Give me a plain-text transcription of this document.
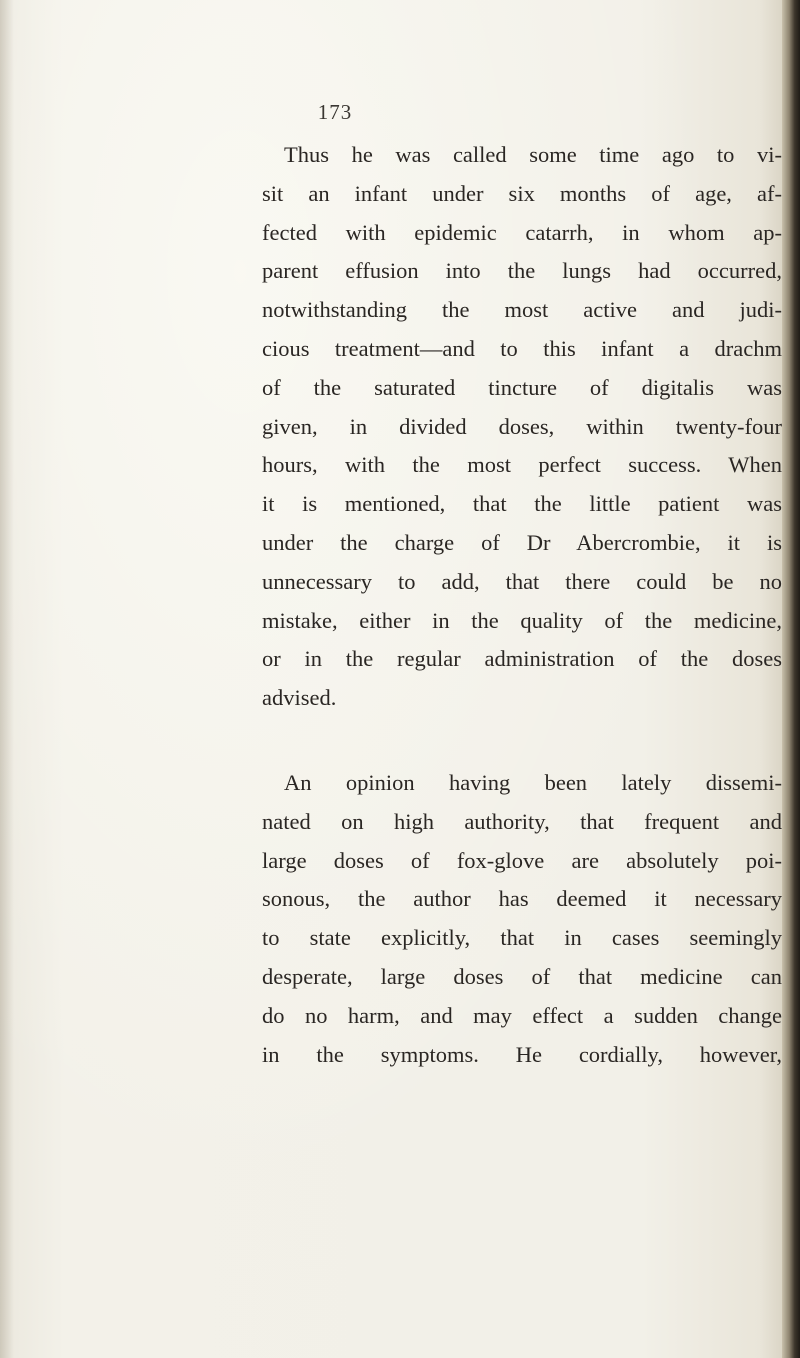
173
Thus he was called some time ago to vi-
sit an infant under six months of age, af-
fected with epidemic catarrh, in whom ap-
parent effusion into the lungs had occurred,
notwithstanding the most active and judi-
cious treatment—and to this infant a drachm
of the saturated tincture of digitalis was
given, in divided doses, within twenty-four
hours, with the most perfect success. When
it is mentioned, that the little patient was
under the charge of Dr Abercrombie, it is
unnecessary to add, that there could be no
mistake, either in the quality of the medicine,
or in the regular administration of the doses
advised.
An opinion having been lately dissemi-
nated on high authority, that frequent and
large doses of fox-glove are absolutely poi-
sonous, the author has deemed it necessary
to state explicitly, that in cases seemingly
desperate, large doses of that medicine can
do no harm, and may effect a sudden change
in the symptoms. He cordially, however,
